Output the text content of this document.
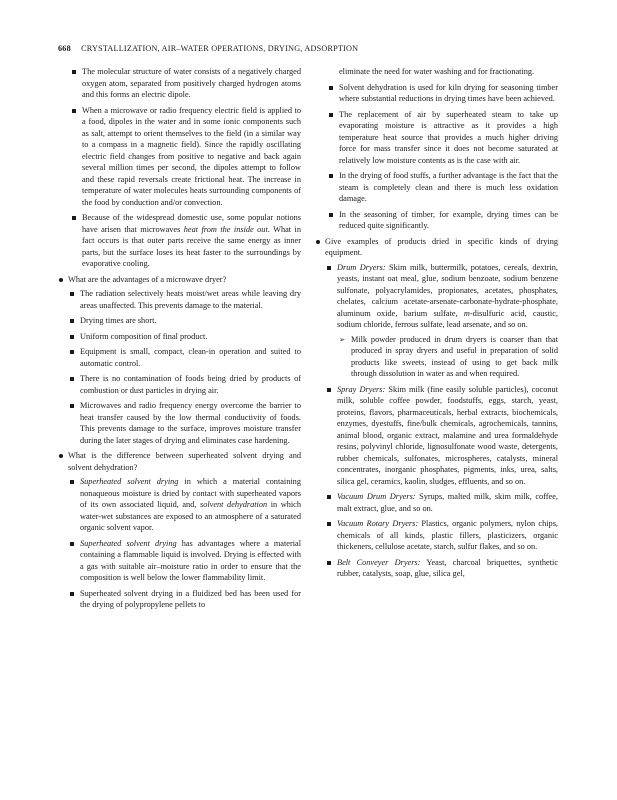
668 CRYSTALLIZATION, AIR–WATER OPERATIONS, DRYING, ADSORPTION
The molecular structure of water consists of a negatively charged oxygen atom, separated from positively charged hydrogen atoms and this forms an electric dipole.
When a microwave or radio frequency electric field is applied to a food, dipoles in the water and in some ionic components such as salt, attempt to orient themselves to the field (in a similar way to a compass in a magnetic field). Since the rapidly oscillating electric field changes from positive to negative and back again several million times per second, the dipoles attempt to follow and these rapid reversals create frictional heat. The increase in temperature of water molecules heats surrounding components of the food by conduction and/or convection.
Because of the widespread domestic use, some popular notions have arisen that microwaves heat from the inside out. What in fact occurs is that outer parts receive the same energy as inner parts, but the surface loses its heat faster to the surroundings by evaporative cooling.
What are the advantages of a microwave dryer?
The radiation selectively heats moist/wet areas while leaving dry areas unaffected. This prevents damage to the material.
Drying times are short.
Uniform composition of final product.
Equipment is small, compact, clean-in operation and suited to automatic control.
There is no contamination of foods being dried by products of combustion or dust particles in drying air.
Microwaves and radio frequency energy overcome the barrier to heat transfer caused by the low thermal conductivity of foods. This prevents damage to the surface, improves moisture transfer during the later stages of drying and eliminates case hardening.
What is the difference between superheated solvent drying and solvent dehydration?
Superheated solvent drying in which a material containing nonaqueous moisture is dried by contact with superheated vapors of its own associated liquid, and, solvent dehydration in which water-wet substances are exposed to an atmosphere of a saturated organic solvent vapor.
Superheated solvent drying has advantages where a material containing a flammable liquid is involved. Drying is effected with a gas with suitable air–moisture ratio in order to ensure that the composition is well below the lower flammability limit.
Superheated solvent drying in a fluidized bed has been used for the drying of polypropylene pellets to
eliminate the need for water washing and for fractionating.
Solvent dehydration is used for kiln drying for seasoning timber where substantial reductions in drying times have been achieved.
The replacement of air by superheated steam to take up evaporating moisture is attractive as it provides a high temperature heat source that provides a much higher driving force for mass transfer since it does not become saturated at relatively low moisture contents as is the case with air.
In the drying of food stuffs, a further advantage is the fact that the steam is completely clean and there is much less oxidation damage.
In the seasoning of timber, for example, drying times can be reduced quite significantly.
Give examples of products dried in specific kinds of drying equipment.
Drum Dryers: Skim milk, buttermilk, potatoes, cereals, dextrin, yeasts, instant oat meal, glue, sodium benzoate, sodium benzene sulfonate, polyacrylamides, propionates, acetates, phosphates, chelates, calcium acetate-arsenate-carbonate-hydrate-phosphate, aluminum oxide, barium sulfate, m-disulfuric acid, caustic, sodium chloride, ferrous sulfate, lead arsenate, and so on.
➢ Milk powder produced in drum dryers is coarser than that produced in spray dryers and useful in preparation of solid products like sweets, instead of using to get back milk through dissolution in water as and when required.
Spray Dryers: Skim milk (fine easily soluble particles), coconut milk, soluble coffee powder, foodstuffs, eggs, starch, yeast, proteins, flavors, pharmaceuticals, herbal extracts, biochemicals, enzymes, dyestuffs, fine/bulk chemicals, agrochemicals, tannins, animal blood, organic extract, malamine and urea formaldehyde resins, polyvinyl chloride, lignosulfonate wood waste, detergents, rubber chemicals, sulfonates, microspheres, catalysts, mineral concentrates, inorganic phosphates, pigments, inks, urea, salts, silica gel, ceramics, kaolin, sludges, effluents, and so on.
Vacuum Drum Dryers: Syrups, malted milk, skim milk, coffee, malt extract, glue, and so on.
Vacuum Rotary Dryers: Plastics, organic polymers, nylon chips, chemicals of all kinds, plastic fillers, plasticizers, organic thickeners, cellulose acetate, starch, sulfur flakes, and so on.
Belt Conveyer Dryers: Yeast, charcoal briquettes, synthetic rubber, catalysts, soap, glue, silica gel,
